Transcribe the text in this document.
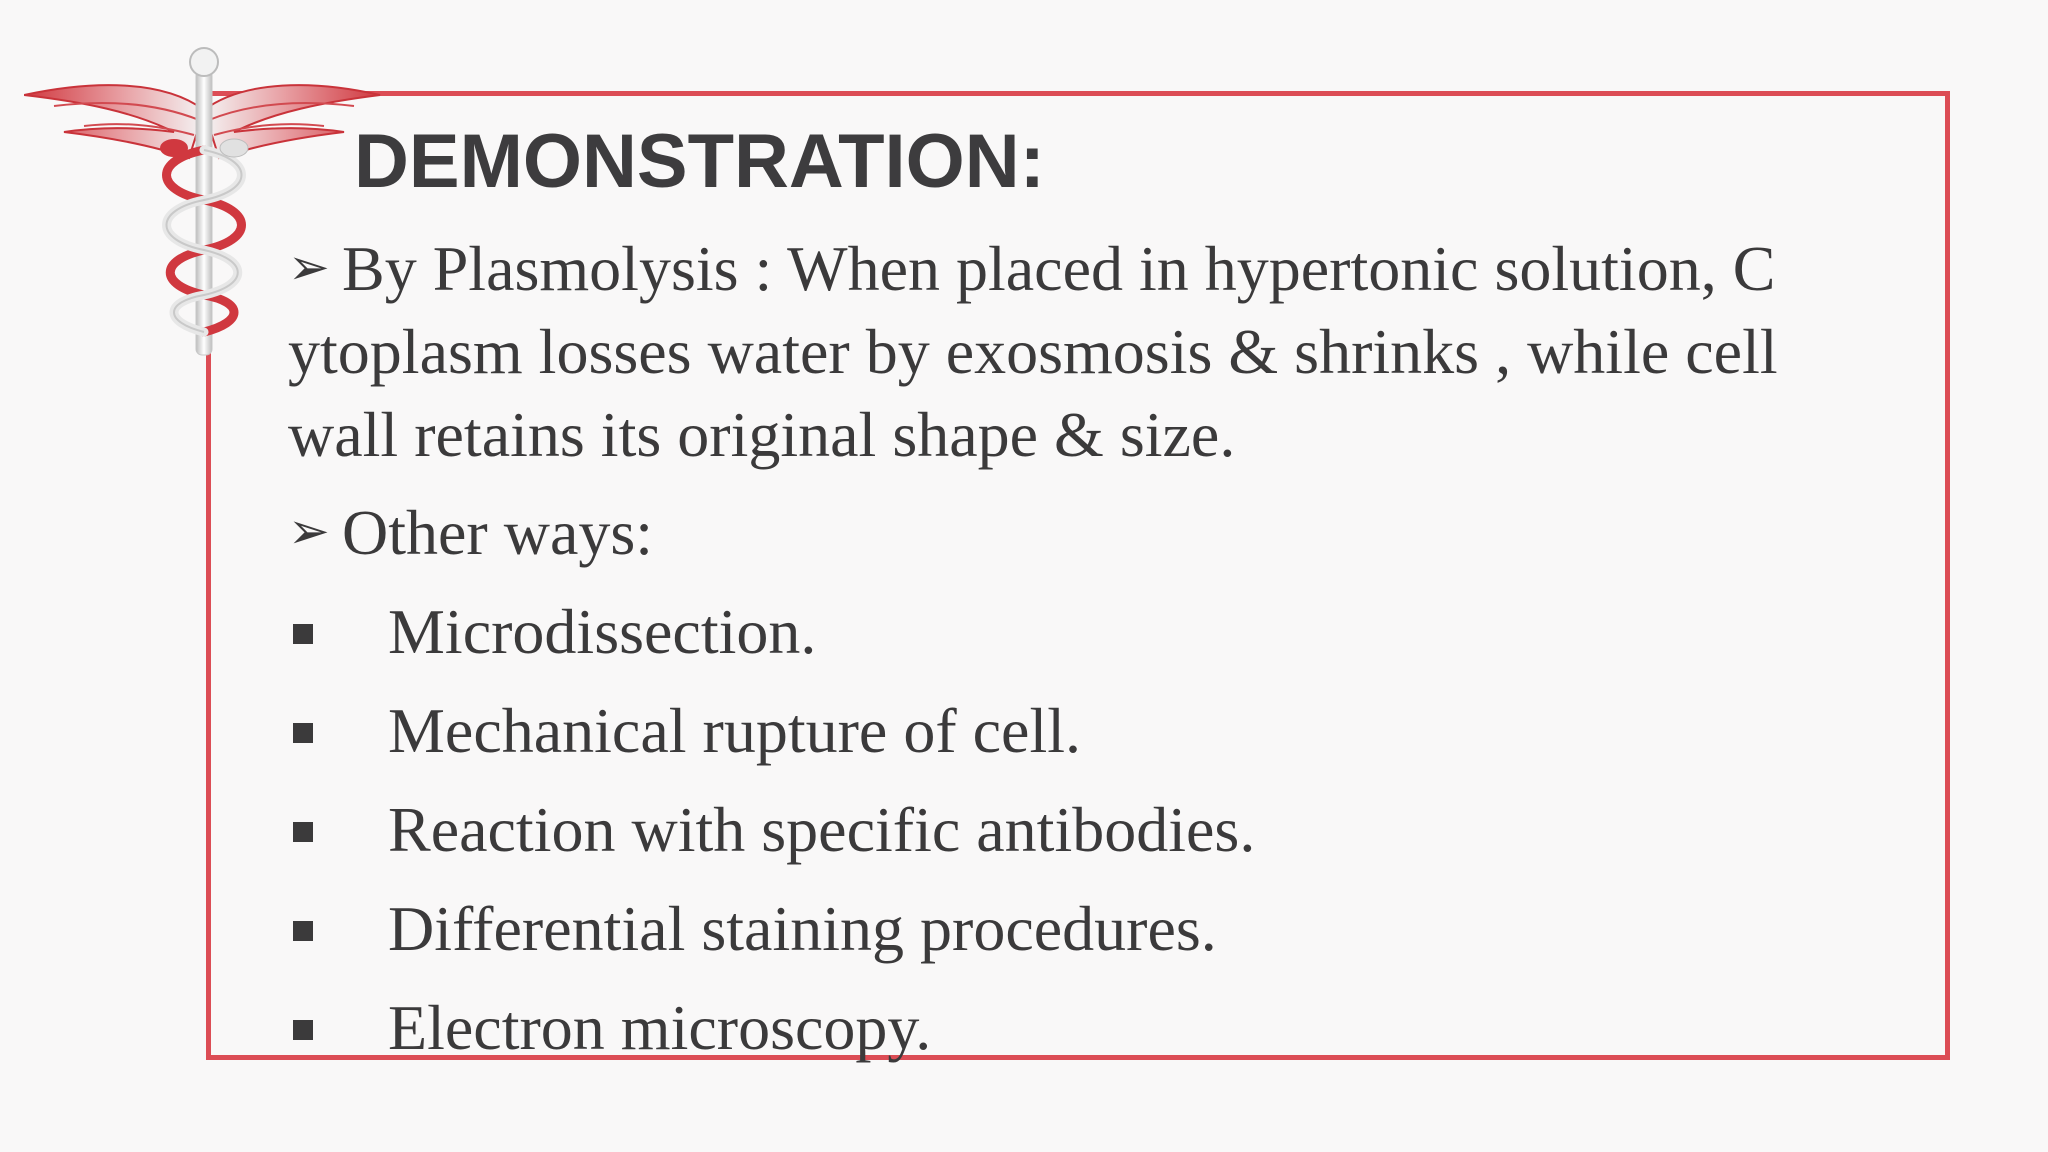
DEMONSTRATION:

➢ By Plasmolysis : When placed in hypertonic solution, C
ytoplasm losses water by exosmosis & shrinks , while cell
wall retains its original shape & size.

➢ Other ways:

Microdissection.
Mechanical rupture of cell.
Reaction with specific antibodies.
Differential staining procedures.
Electron microscopy.
